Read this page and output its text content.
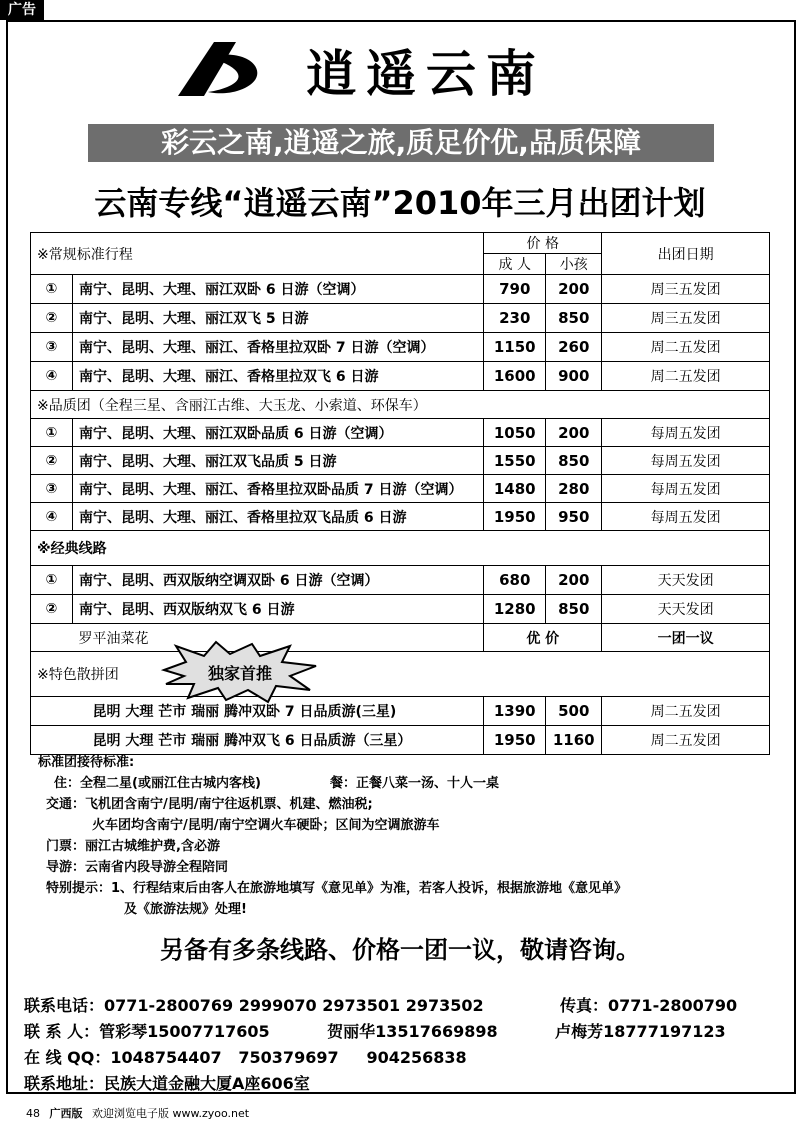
广告
逍遥云南
彩云之南,逍遥之旅,质足价优,品质保障
云南专线“逍遥云南”2010年三月出团计划
※常规标准行程		价 格		出团日期
		成 人	小孩	
①	南宁、昆明、大理、丽江双卧 6 日游（空调）	790	200	周三五发团
②	南宁、昆明、大理、丽江双飞 5 日游	230	850	周三五发团
③	南宁、昆明、大理、丽江、香格里拉双卧 7 日游（空调）	1150	260	周二五发团
④	南宁、昆明、大理、丽江、香格里拉双飞 6 日游	1600	900	周二五发团
※品质团（全程三星、含丽江古维、大玉龙、小索道、环保车）				
①	南宁、昆明、大理、丽江双卧品质 6 日游（空调）	1050	200	每周五发团
②	南宁、昆明、大理、丽江双飞品质 5 日游	1550	850	每周五发团
③	南宁、昆明、大理、丽江、香格里拉双卧品质 7 日游（空调）	1480	280	每周五发团
④	南宁、昆明、大理、丽江、香格里拉双飞品质 6 日游	1950	950	每周五发团
※经典线路				
①	南宁、昆明、西双版纳空调双卧 6 日游（空调）	680	200	天天发团
②	南宁、昆明、西双版纳双飞 6 日游	1280	850	天天发团
	罗平油菜花	优 价		一团一议
※特色散拼团				
	昆明 大理 芒市 瑞丽 腾冲双卧 7 日品质游(三星)	1390	500	周二五发团
	昆明 大理 芒市 瑞丽 腾冲双飞 6 日品质游（三星）	1950	1160	周二五发团
独家首推
标准团接待标准:
住：全程二星(或丽江住古城内客栈)	餐：正餐八菜一汤、十人一桌
交通：飞机团含南宁/昆明/南宁往返机票、机建、燃油税;
火车团均含南宁/昆明/南宁空调火车硬卧；区间为空调旅游车
门票：丽江古城维护费,含必游
导游：云南省内段导游全程陪同
特别提示：1、行程结束后由客人在旅游地填写《意见单》为准，若客人投诉，根据旅游地《意见单》
及《旅游法规》处理!
另备有多条线路、价格一团一议，敬请咨询。
联系电话： 0771-2800769 2999070 2973501 2973502	传真： 0771-2800790
联 系 人： 管彩琴15007717605	贺丽华13517669898	卢梅芳18777197123
在 线 QQ： 1048754407   750379697     904256838
联系地址： 民族大道金融大厦A座606室
48 广西版 欢迎浏览电子版 www.zyoo.net
